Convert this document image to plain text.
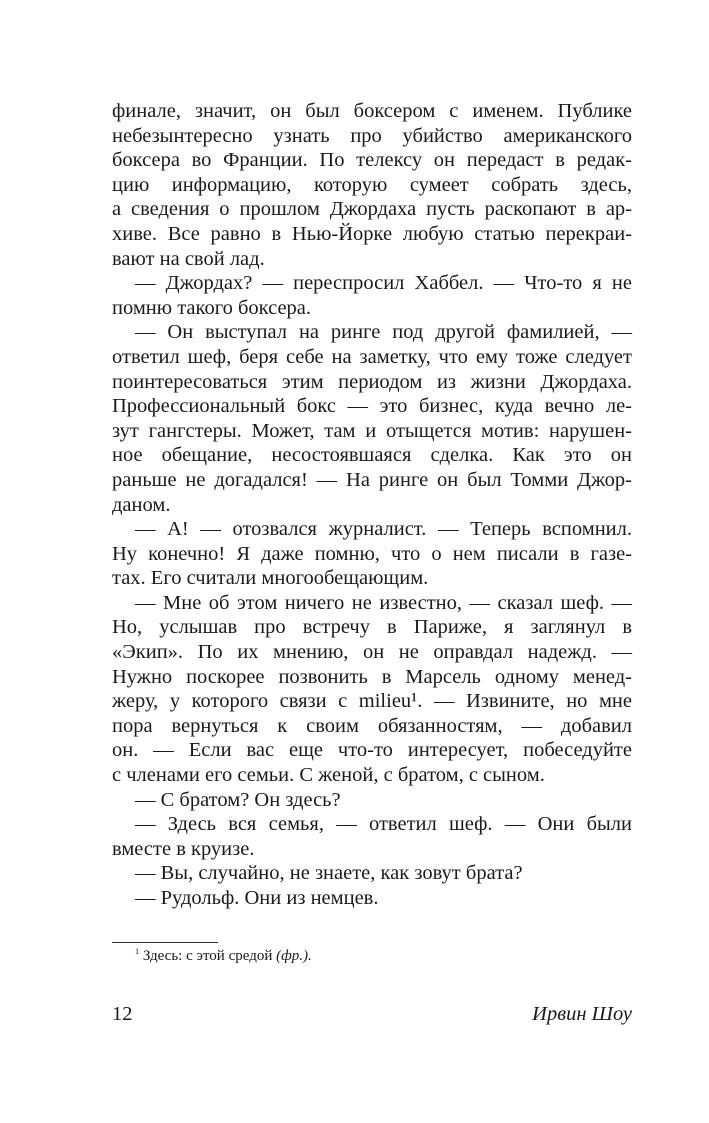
финале, значит, он был боксером с именем. Публике
небезынтересно узнать про убийство американского
боксера во Франции. По телексу он передаст в редак-
цию информацию, которую сумеет собрать здесь,
а сведения о прошлом Джордаха пусть раскопают в ар-
хиве. Все равно в Нью-Йорке любую статью перекраи-
вают на свой лад.
— Джордах? — переспросил Хаббел. — Что-то я не
помню такого боксера.
— Он выступал на ринге под другой фамилией, —
ответил шеф, беря себе на заметку, что ему тоже следует
поинтересоваться этим периодом из жизни Джордаха.
Профессиональный бокс — это бизнес, куда вечно ле-
зут гангстеры. Может, там и отыщется мотив: нарушен-
ное обещание, несостоявшаяся сделка. Как это он
раньше не догадался! — На ринге он был Томми Джор-
даном.
— А! — отозвался журналист. — Теперь вспомнил.
Ну конечно! Я даже помню, что о нем писали в газе-
тах. Его считали многообещающим.
— Мне об этом ничего не известно, — сказал шеф. —
Но, услышав про встречу в Париже, я заглянул в
«Экип». По их мнению, он не оправдал надежд. —
Нужно поскорее позвонить в Марсель одному менед-
жеру, у которого связи с milieu¹. — Извините, но мне
пора вернуться к своим обязанностям, — добавил
он. — Если вас еще что-то интересует, побеседуйте
с членами его семьи. С женой, с братом, с сыном.
— С братом? Он здесь?
— Здесь вся семья, — ответил шеф. — Они были
вместе в круизе.
— Вы, случайно, не знаете, как зовут брата?
— Рудольф. Они из немцев.
$^1$ Здесь: с этой средой (фр.).
12	Ирвин Шоу
